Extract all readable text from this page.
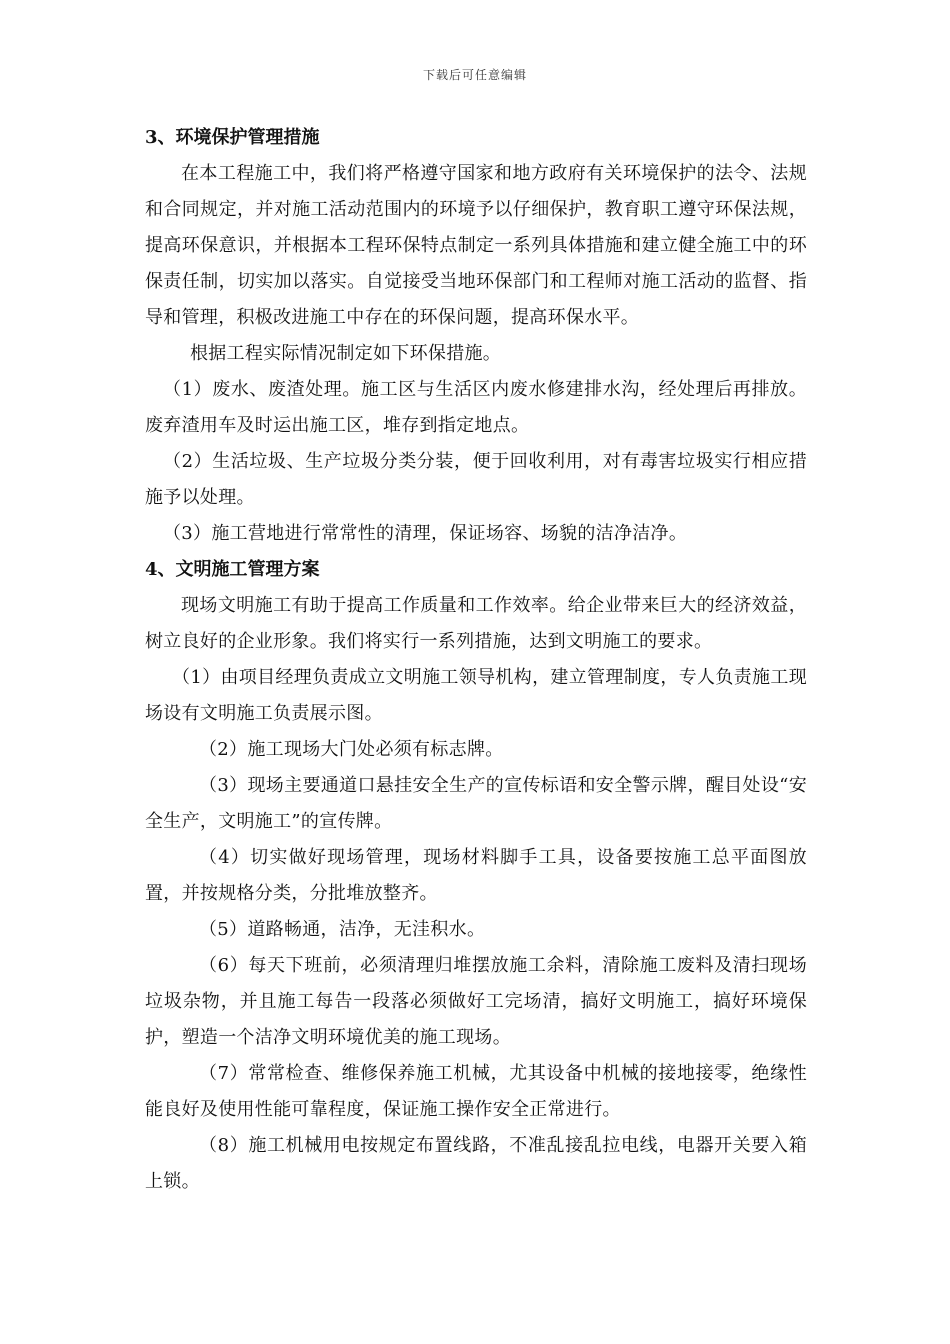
下载后可任意编辑

3、环境保护管理措施

在本工程施工中，我们将严格遵守国家和地方政府有关环境保护的法令、法规和合同规定，并对施工活动范围内的环境予以仔细保护，教育职工遵守环保法规，提高环保意识，并根据本工程环保特点制定一系列具体措施和建立健全施工中的环保责任制，切实加以落实。自觉接受当地环保部门和工程师对施工活动的监督、指导和管理，积极改进施工中存在的环保问题，提高环保水平。

根据工程实际情况制定如下环保措施。

（1）废水、废渣处理。施工区与生活区内废水修建排水沟，经处理后再排放。废弃渣用车及时运出施工区，堆存到指定地点。

（2）生活垃圾、生产垃圾分类分装，便于回收利用，对有毒害垃圾实行相应措施予以处理。

（3）施工营地进行常常性的清理，保证场容、场貌的洁净洁净。

4、文明施工管理方案

现场文明施工有助于提高工作质量和工作效率。给企业带来巨大的经济效益，树立良好的企业形象。我们将实行一系列措施，达到文明施工的要求。

（1）由项目经理负责成立文明施工领导机构，建立管理制度，专人负责施工现场设有文明施工负责展示图。

（2）施工现场大门处必须有标志牌。

（3）现场主要通道口悬挂安全生产的宣传标语和安全警示牌，醒目处设“安全生产，文明施工”的宣传牌。

（4）切实做好现场管理，现场材料脚手工具，设备要按施工总平面图放置，并按规格分类，分批堆放整齐。

（5）道路畅通，洁净，无洼积水。

（6）每天下班前，必须清理归堆摆放施工余料，清除施工废料及清扫现场垃圾杂物，并且施工每告一段落必须做好工完场清，搞好文明施工，搞好环境保护，塑造一个洁净文明环境优美的施工现场。

（7）常常检查、维修保养施工机械，尤其设备中机械的接地接零，绝缘性能良好及使用性能可靠程度，保证施工操作安全正常进行。

（8）施工机械用电按规定布置线路，不准乱接乱拉电线，电器开关要入箱上锁。
